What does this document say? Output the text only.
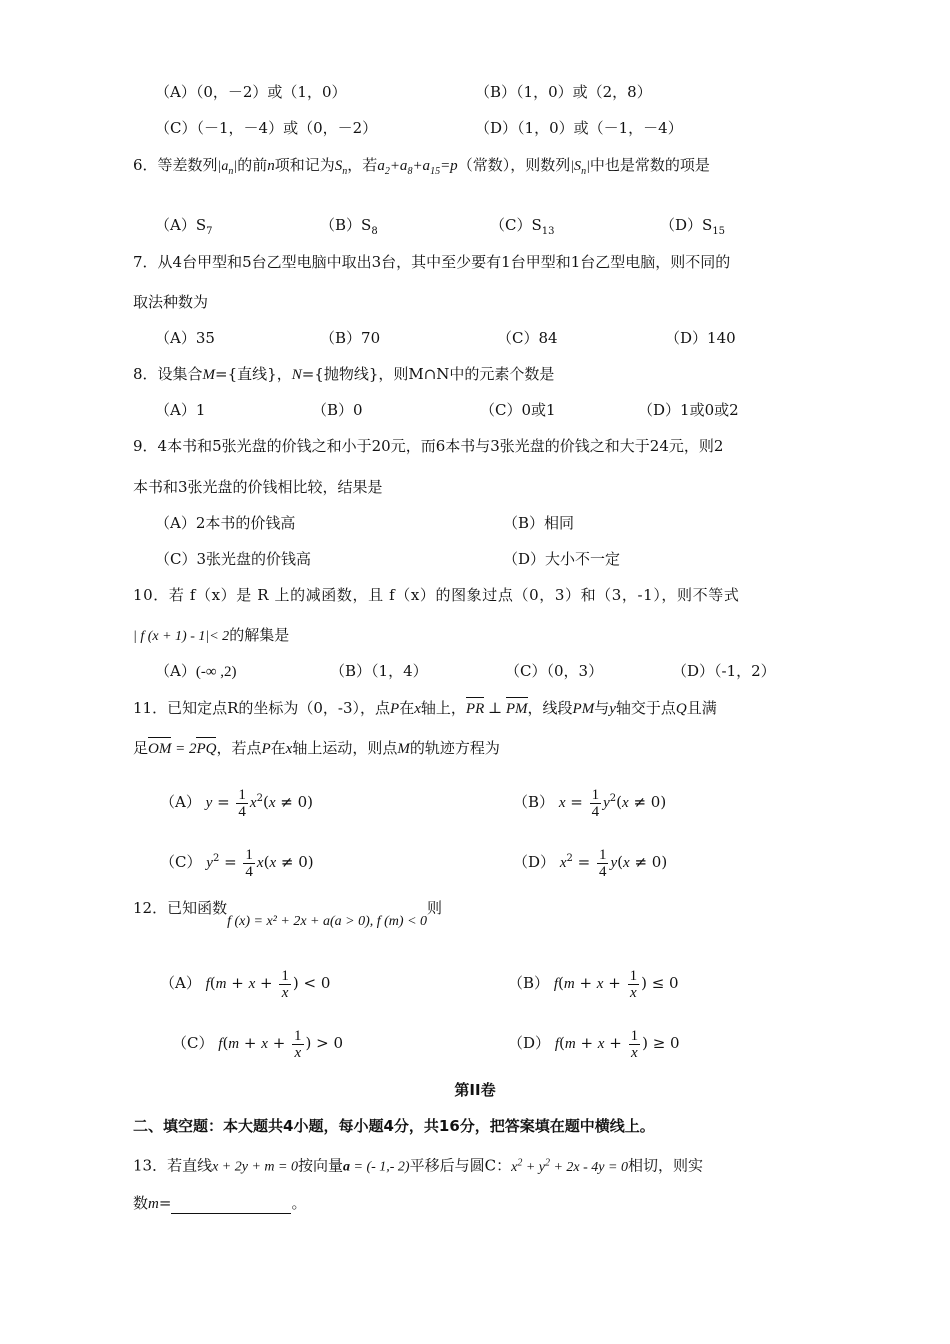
（A）（0，－2）或（1，0）	（B）（1，0）或（2，8）
（C）（－1，－4）或（0，－2）	（D）（1，0）或（－1，－4）
6．等差数列$|a_n|$的前n项和记为$S_n$，若$a_2+a_8+a_{15}=p$（常数），则数列$|S_n|$中也是常数的项是
$(A)S_7$	$(B)S_8$	$(C)S_{13}$	$(D)S_{15}$
7．从4台甲型和5台乙型电脑中取出3台，其中至少要有1台甲型和1台乙型电脑，则不同的
取法种数为
（A）35	（B）70	（C）84	（D）140
8．设集合M={直线}，N={抛物线}，则M∩N中的元素个数是
（A）1	（B）0	（C）0或1	（D）1或0或2
9．4本书和5张光盘的价钱之和小于20元，而6本书与3张光盘的价钱之和大于24元，则2
本书和3张光盘的价钱相比较，结果是
（A）2本书的价钱高	（B）相同
（C）3张光盘的价钱高	（D）大小不一定
10．若 f（x）是 R 上的减函数，且 f（x）的图象过点（0，3）和（3，-1），则不等式
| f (x + 1) - 1|< 2的解集是
（A）(-∞ ,2)	（B）（1，4）	（C）（0，3）	（D）（-1，2）
11．已知定点R的坐标为（0，-3），点P在x轴上，PR ⊥ PM，线段PM与y轴交于点Q且满
足OM = 2PQ，若点P在x轴上运动，则点M的轨迹方程为
（A） $y = \frac{1}{4} x^2(x \ne 0)$	（B） $x = \frac{1}{4} y^2(x \ne 0)$
（C） $y^2 = \frac{1}{4} x(x \ne 0)$	（D） $x^2 = \frac{1}{4} y(x \ne 0)$
12．已知函数f (x) = x² + 2x + a(a > 0), f (m) < 0则
（A） $f(m + x + \frac{1}{x}$ ) < 0	（B） $f(m + x + \frac{1}{x}$ ) ≤ 0
（C） $f(m + x + \frac{1}{x}$ ) > 0	（D） $f(m + x + \frac{1}{x}$ ) ≥ 0
第II卷
二、填空题：本大题共4小题，每小题4分，共16分，把答案填在题中横线上。
13．若直线x + 2y + m = 0按向量a = (- 1,- 2)平移后与圆C：$x^2 + y^2 + 2x - 4y = 0$相切，则实
数m=	。
